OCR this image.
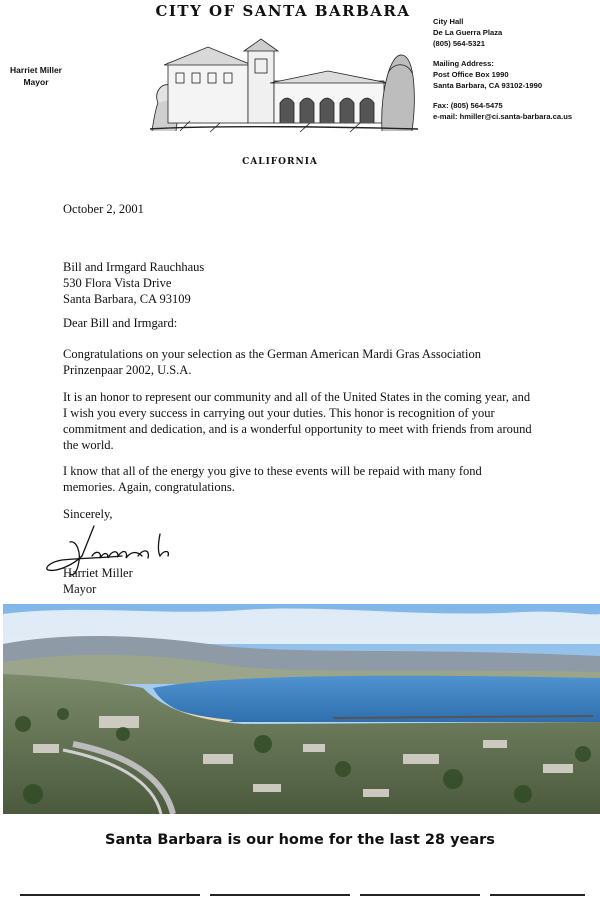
CITY OF SANTA BARBARA
Harriet Miller
Mayor
City Hall
De La Guerra Plaza
(805) 564-5321
Mailing Address:
Post Office Box 1990
Santa Barbara, CA 93102-1990
Fax: (805) 564-5475
e-mail: hmiller@ci.santa-barbara.ca.us
CALIFORNIA
October 2, 2001
Bill and Irmgard Rauchhaus
530 Flora Vista Drive
Santa Barbara, CA 93109
Dear Bill and Irmgard:
Congratulations on your selection as the German American Mardi Gras Association Prinzenpaar 2002, U.S.A.
It is an honor to represent our community and all of the United States in the coming year, and I wish you every success in carrying out your duties. This honor is recognition of your commitment and dedication, and is a wonderful opportunity to meet with friends from around the world.
I know that all of the energy you give to these events will be repaid with many fond memories. Again, congratulations.
Sincerely,
Harriet Miller
Mayor
Santa Barbara is our home for the last 28 years
